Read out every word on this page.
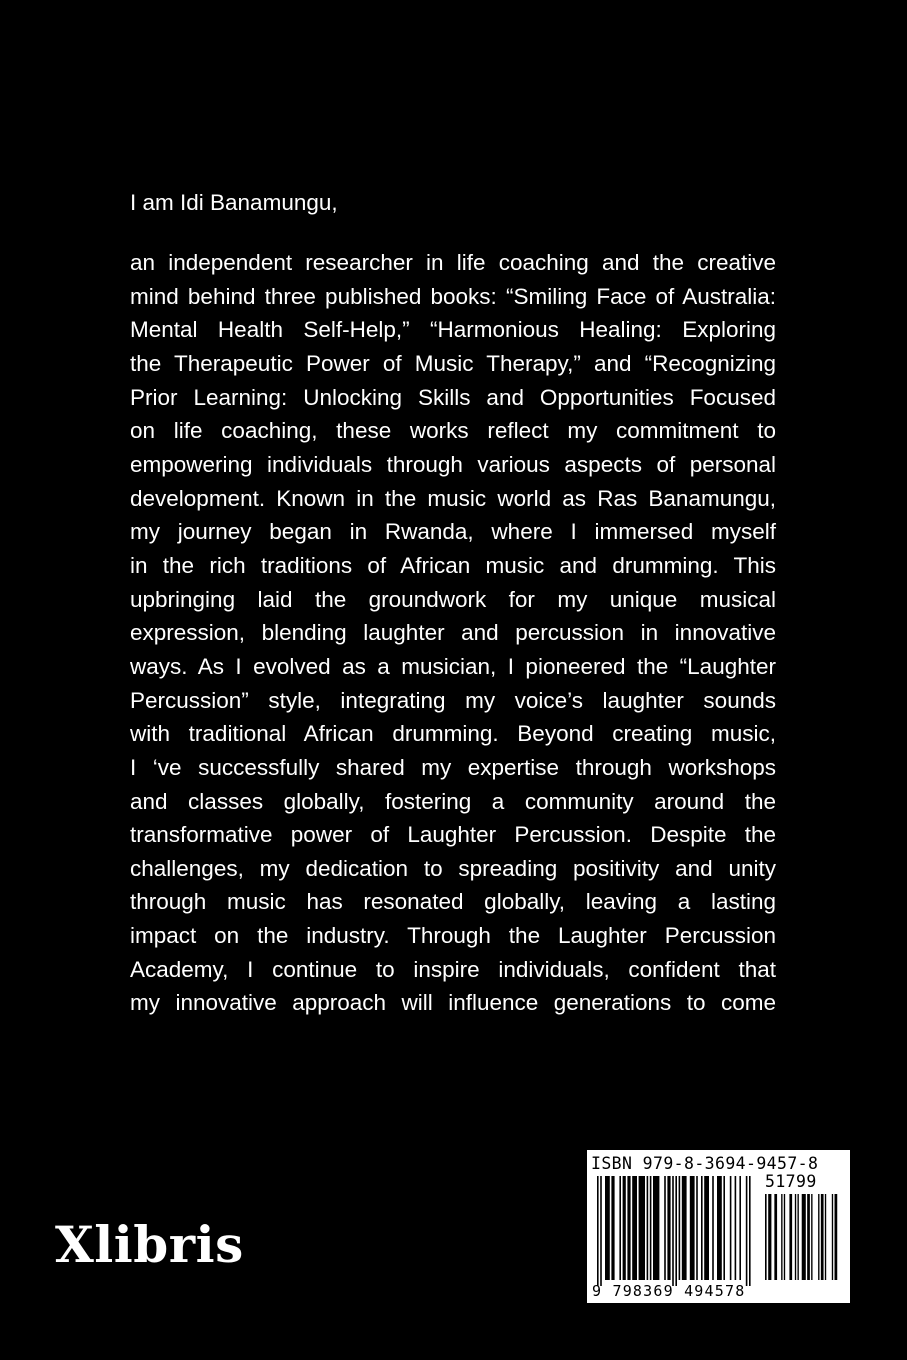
I am Idi Banamungu,

an independent researcher in life coaching and the creative
mind behind three published books: “Smiling Face of Australia:
Mental Health Self-Help,” “Harmonious Healing: Exploring
the Therapeutic Power of Music Therapy,” and “Recognizing
Prior Learning: Unlocking Skills and Opportunities Focused
on life coaching, these works reflect my commitment to
empowering individuals through various aspects of personal
development. Known in the music world as Ras Banamungu,
my journey began in Rwanda, where I immersed myself
in the rich traditions of African music and drumming. This
upbringing laid the groundwork for my unique musical
expression, blending laughter and percussion in innovative
ways. As I evolved as a musician, I pioneered the “Laughter
Percussion” style, integrating my voice’s laughter sounds
with traditional African drumming. Beyond creating music,
I ‘ve successfully shared my expertise through workshops
and classes globally, fostering a community around the
transformative power of Laughter Percussion. Despite the
challenges, my dedication to spreading positivity and unity
through music has resonated globally, leaving a lasting
impact on the industry. Through the Laughter Percussion
Academy, I continue to inspire individuals, confident that
my innovative approach will influence generations to come
Xlibris
ISBN 979-8-3694-9457-8
51799
9 798369 494578
